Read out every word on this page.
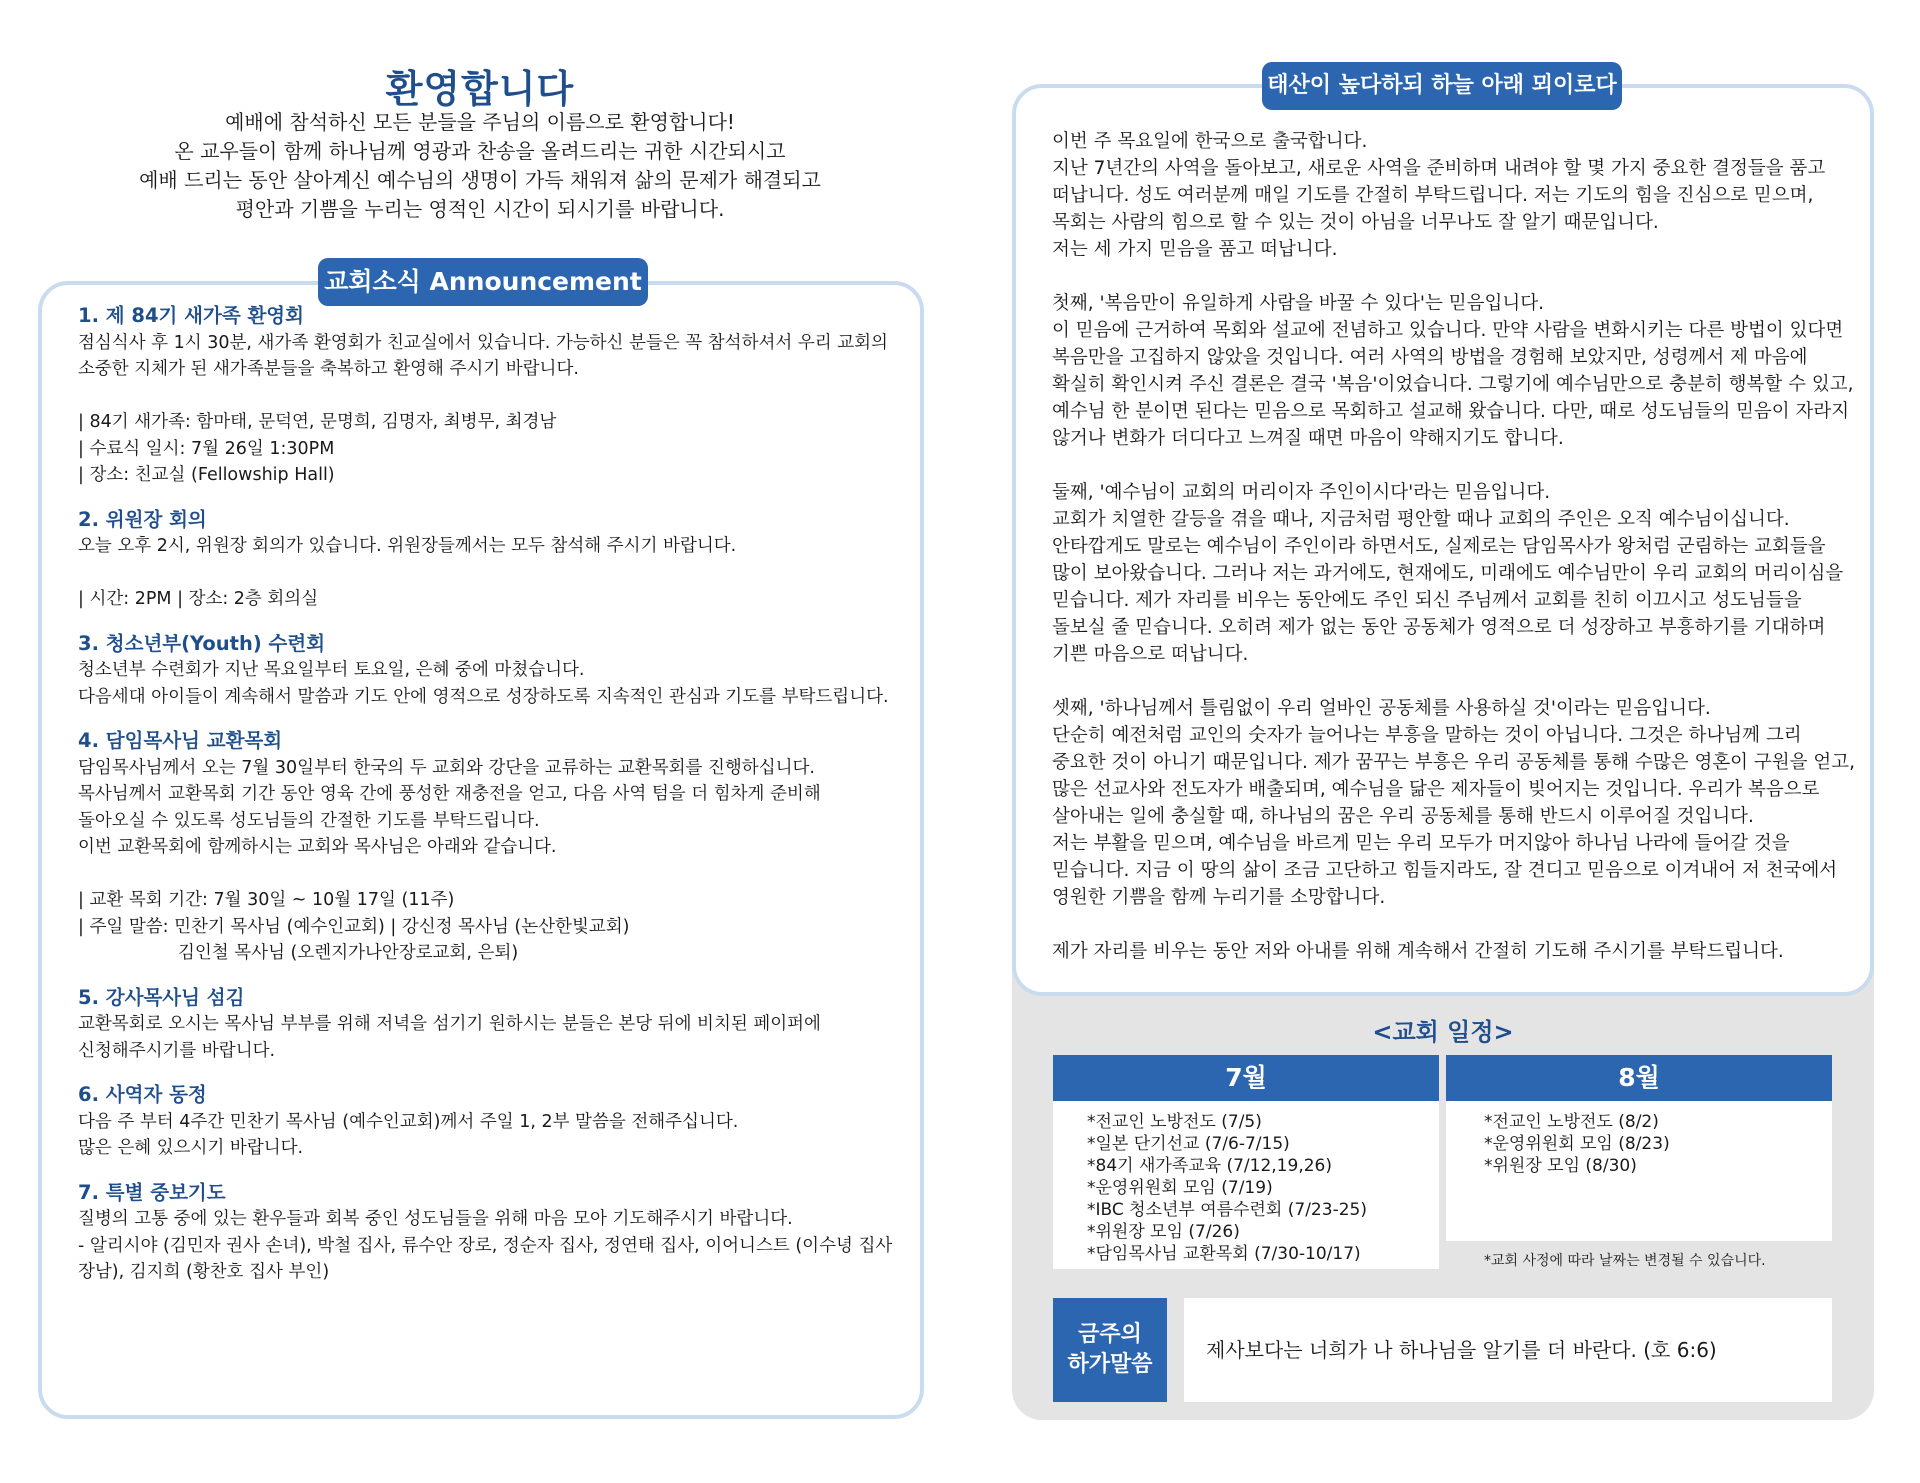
환영합니다
예배에 참석하신 모든 분들을 주님의 이름으로 환영합니다!
온 교우들이 함께 하나님께 영광과 찬송을 올려드리는 귀한 시간되시고
예배 드리는 동안 살아계신 예수님의 생명이 가득 채워져 삶의 문제가 해결되고
평안과 기쁨을 누리는 영적인 시간이 되시기를 바랍니다.
교회소식 Announcement
태산이 높다하되 하늘 아래 뫼이로다
1. 제 84기 새가족 환영회
점심식사 후 1시 30분, 새가족 환영회가 친교실에서 있습니다. 가능하신 분들은 꼭 참석하셔서 우리 교회의
소중한 지체가 된 새가족분들을 축복하고 환영해 주시기 바랍니다.
| 84기 새가족: 함마태, 문덕연, 문명희, 김명자, 최병무, 최경남
| 수료식 일시: 7월 26일 1:30PM
| 장소: 친교실 (Fellowship Hall)
2. 위원장 회의
오늘 오후 2시, 위원장 회의가 있습니다. 위원장들께서는 모두 참석해 주시기 바랍니다.
| 시간: 2PM | 장소: 2층 회의실
3. 청소년부(Youth) 수련회
청소년부 수련회가 지난 목요일부터 토요일, 은혜 중에 마쳤습니다.
다음세대 아이들이 계속해서 말씀과 기도 안에 영적으로 성장하도록 지속적인 관심과 기도를 부탁드립니다.
4. 담임목사님 교환목회
담임목사님께서 오는 7월 30일부터 한국의 두 교회와 강단을 교류하는 교환목회를 진행하십니다.
목사님께서 교환목회 기간 동안 영육 간에 풍성한 재충전을 얻고, 다음 사역 텀을 더 힘차게 준비해
돌아오실 수 있도록 성도님들의 간절한 기도를 부탁드립니다.
이번 교환목회에 함께하시는 교회와 목사님은 아래와 같습니다.
| 교환 목회 기간: 7월 30일 ~ 10월 17일 (11주)
| 주일 말씀: 민찬기 목사님 (예수인교회) | 강신정 목사님 (논산한빛교회)
김인철 목사님 (오렌지가나안장로교회, 은퇴)
5. 강사목사님 섬김
교환목회로 오시는 목사님 부부를 위해 저녁을 섬기기 원하시는 분들은 본당 뒤에 비치된 페이퍼에
신청해주시기를 바랍니다.
6. 사역자 동정
다음 주 부터 4주간 민찬기 목사님 (예수인교회)께서 주일 1, 2부 말씀을 전해주십니다.
많은 은혜 있으시기 바랍니다.
7. 특별 중보기도
질병의 고통 중에 있는 환우들과 회복 중인 성도님들을 위해 마음 모아 기도해주시기 바랍니다.
- 알리시야 (김민자 권사 손녀), 박철 집사, 류수안 장로, 정순자 집사, 정연태 집사, 이어니스트 (이수녕 집사
장남), 김지희 (황찬호 집사 부인)
이번 주 목요일에 한국으로 출국합니다.
지난 7년간의 사역을 돌아보고, 새로운 사역을 준비하며 내려야 할 몇 가지 중요한 결정들을 품고
떠납니다. 성도 여러분께 매일 기도를 간절히 부탁드립니다. 저는 기도의 힘을 진심으로 믿으며,
목회는 사람의 힘으로 할 수 있는 것이 아님을 너무나도 잘 알기 때문입니다.
저는 세 가지 믿음을 품고 떠납니다.
첫째, '복음만이 유일하게 사람을 바꿀 수 있다'는 믿음입니다.
이 믿음에 근거하여 목회와 설교에 전념하고 있습니다. 만약 사람을 변화시키는 다른 방법이 있다면
복음만을 고집하지 않았을 것입니다. 여러 사역의 방법을 경험해 보았지만, 성령께서 제 마음에
확실히 확인시켜 주신 결론은 결국 '복음'이었습니다. 그렇기에 예수님만으로 충분히 행복할 수 있고,
예수님 한 분이면 된다는 믿음으로 목회하고 설교해 왔습니다. 다만, 때로 성도님들의 믿음이 자라지
않거나 변화가 더디다고 느껴질 때면 마음이 약해지기도 합니다.
둘째, '예수님이 교회의 머리이자 주인이시다'라는 믿음입니다.
교회가 치열한 갈등을 겪을 때나, 지금처럼 평안할 때나 교회의 주인은 오직 예수님이십니다.
안타깝게도 말로는 예수님이 주인이라 하면서도, 실제로는 담임목사가 왕처럼 군림하는 교회들을
많이 보아왔습니다. 그러나 저는 과거에도, 현재에도, 미래에도 예수님만이 우리 교회의 머리이심을
믿습니다. 제가 자리를 비우는 동안에도 주인 되신 주님께서 교회를 친히 이끄시고 성도님들을
돌보실 줄 믿습니다. 오히려 제가 없는 동안 공동체가 영적으로 더 성장하고 부흥하기를 기대하며
기쁜 마음으로 떠납니다.
셋째, '하나님께서 틀림없이 우리 얼바인 공동체를 사용하실 것'이라는 믿음입니다.
단순히 예전처럼 교인의 숫자가 늘어나는 부흥을 말하는 것이 아닙니다. 그것은 하나님께 그리
중요한 것이 아니기 때문입니다. 제가 꿈꾸는 부흥은 우리 공동체를 통해 수많은 영혼이 구원을 얻고,
많은 선교사와 전도자가 배출되며, 예수님을 닮은 제자들이 빚어지는 것입니다. 우리가 복음으로
살아내는 일에 충실할 때, 하나님의 꿈은 우리 공동체를 통해 반드시 이루어질 것입니다.
저는 부활을 믿으며, 예수님을 바르게 믿는 우리 모두가 머지않아 하나님 나라에 들어갈 것을
믿습니다. 지금 이 땅의 삶이 조금 고단하고 힘들지라도, 잘 견디고 믿음으로 이겨내어 저 천국에서
영원한 기쁨을 함께 누리기를 소망합니다.
제가 자리를 비우는 동안 저와 아내를 위해 계속해서 간절히 기도해 주시기를 부탁드립니다.
<교회 일정>
7월	8월
*전교인 노방전도 (7/5)
*일본 단기선교 (7/6-7/15)
*84기 새가족교육 (7/12,19,26)
*운영위원회 모임 (7/19)
*IBC 청소년부 여름수련회 (7/23-25)
*위원장 모임 (7/26)
*담임목사님 교환목회 (7/30-10/17)
*전교인 노방전도 (8/2)
*운영위원회 모임 (8/23)
*위원장 모임 (8/30)
*교회 사정에 따라 날짜는 변경될 수 있습니다.
금주의
하가말씀
제사보다는 너희가 나 하나님을 알기를 더 바란다. (호 6:6)
